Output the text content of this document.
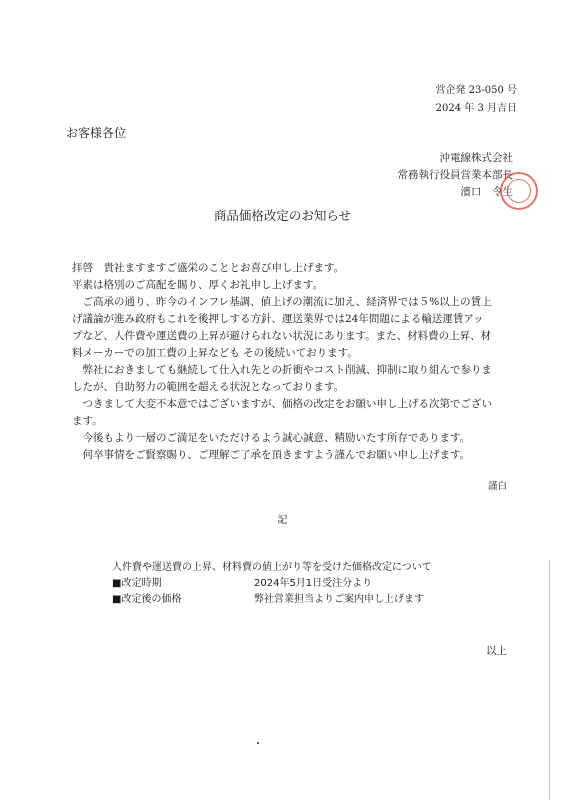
営企発 23-050 号
2024 年 3 月吉日
お客様各位
沖電線株式会社
常務執行役員営業本部長
濱口　令生
商品価格改定のお知らせ

拝啓　貴社ますますご盛栄のこととお喜び申し上げます。

平素は格別のご高配を賜り、厚くお礼申し上げます。

　ご高承の通り、昨今のインフレ基調、値上げの潮流に加え、経済界では５%以上の賃上

げ議論が進み政府もこれを後押しする方針、運送業界では24年問題による輸送運賃アッ

プなど、人件費や運送費の上昇が避けられない状況にあります。また、材料費の上昇、材

料メーカーでの加工費の上昇なども その後続いております。

　弊社におきましても継続して仕入れ先との折衝やコスト削減、抑制に取り組んで参りま

したが、自助努力の範囲を超える状況となっております。

　つきまして大変不本意ではございますが、価格の改定をお願い申し上げる次第でござい

ます。

　今後もより一層のご満足をいただけるよう誠心誠意、精励いたす所存であります。

　何卒事情をご賢察賜り、ご理解ご了承を頂きますよう謹んでお願い申し上げます。

謹白
記
人件費や運送費の上昇、材料費の値上がり等を受けた価格改定について
■改定時期	2024年5月1日受注分より
■改定後の価格	弊社営業担当よりご案内申し上げます
以上
